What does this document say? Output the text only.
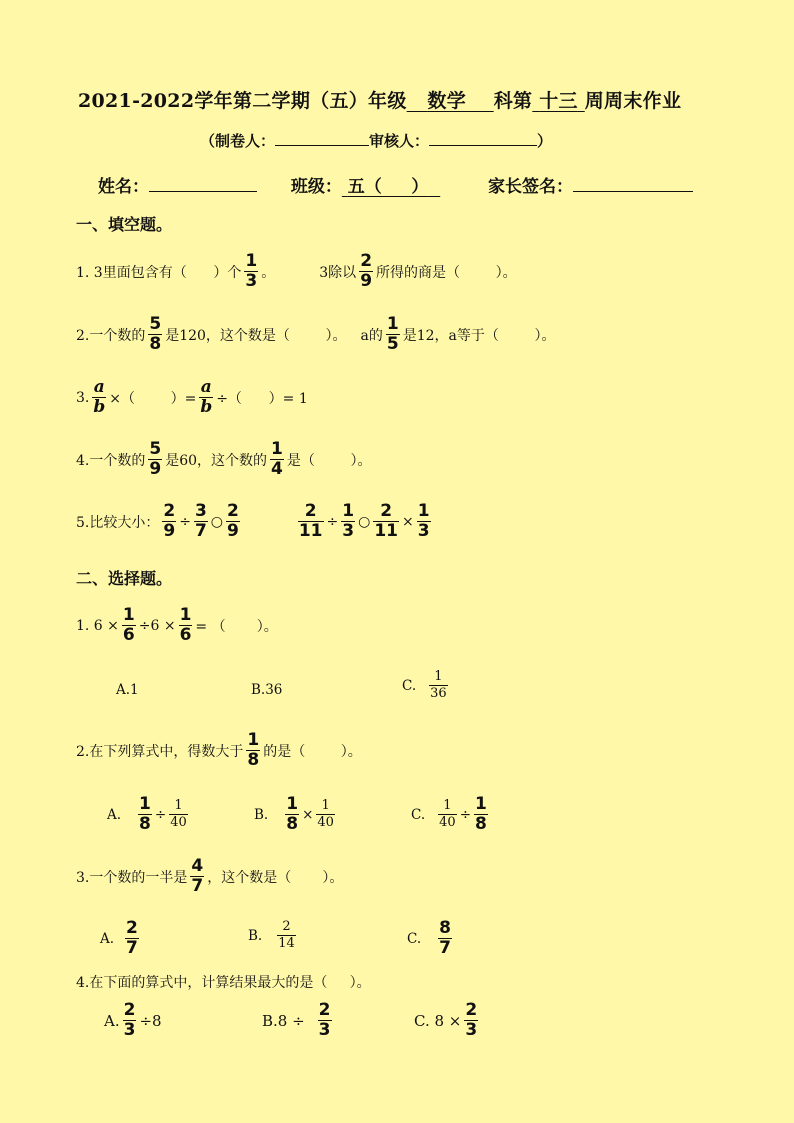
2021-2022学年第二学期（五）年级 数学 科第 十三 周周末作业
（制卷人：	审核人：	）
姓名：	班级： 五（     ）	家长签名：
一、填空题。
1. 3里面包含有（      ）个 $\frac{1}{3}$ 。	3除以 $\frac{2}{9}$ 所得的商是（        ）。
2.一个数的 $\frac{5}{8}$ 是120，这个数是（        ）。 a的 $\frac{1}{5}$ 是12，a等于（        ）。
3. $\frac{a}{b}$ ×（        ）= $\frac{a}{b}$ ÷（      ）= 1
4.一个数的 $\frac{5}{9}$ 是60，这个数的 $\frac{1}{4}$ 是（        ）。
5.比较大小： $\frac{2}{9} \div \frac{3}{7}$ ○ $\frac{2}{9}$	$\frac{2}{11} \div \frac{1}{3}$ ○ $\frac{2}{11} \times \frac{1}{3}$
二、选择题。
1. $6 \times \frac{1}{6} \div 6 \times \frac{1}{6}$ = （       ）。
A.1	B.36	C. $\frac{1}{36}$
2.在下列算式中，得数大于 $\frac{1}{8}$ 的是（        ）。
A. $\frac{1}{8} \div \frac{1}{40}$	B. $\frac{1}{8} \times \frac{1}{40}$	C. $\frac{1}{40} \div \frac{1}{8}$
3.一个数的一半是 $\frac{4}{7}$ ，这个数是（       ）。
A. $\frac{2}{7}$	B. $\frac{2}{14}$	C. $\frac{8}{7}$
4.在下面的算式中，计算结果最大的是（     ）。
A. $\frac{2}{3} \div 8$	$B.8 \div \frac{2}{3}$	C. $8 \times \frac{2}{3}$
